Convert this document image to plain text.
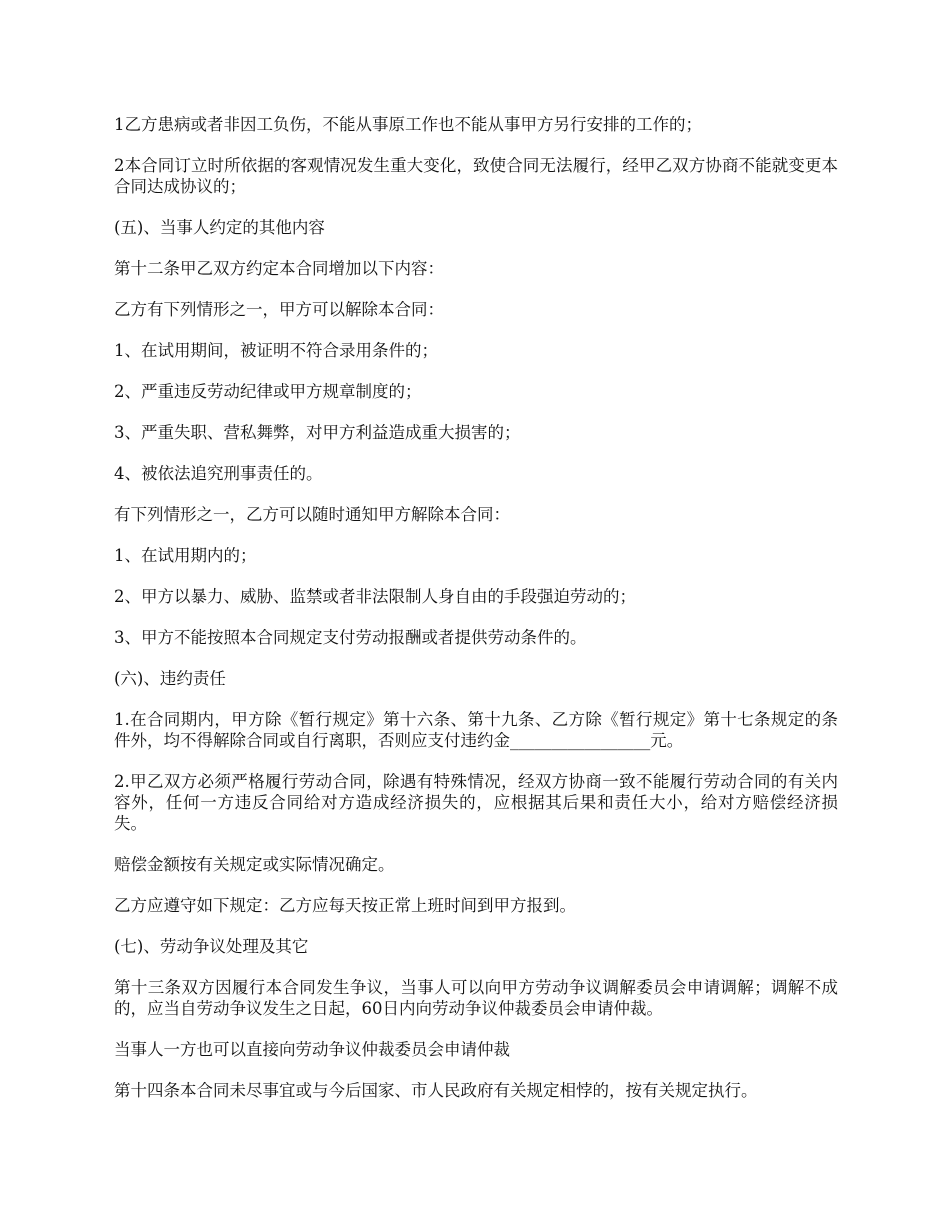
1乙方患病或者非因工负伤，不能从事原工作也不能从事甲方另行安排的工作的；

2本合同订立时所依据的客观情况发生重大变化，致使合同无法履行，经甲乙双方协商不能就变更本合同达成协议的；

(五)、当事人约定的其他内容

第十二条甲乙双方约定本合同增加以下内容：

乙方有下列情形之一，甲方可以解除本合同：

1、在试用期间，被证明不符合录用条件的；

2、严重违反劳动纪律或甲方规章制度的；

3、严重失职、营私舞弊，对甲方利益造成重大损害的；

4、被依法追究刑事责任的。

有下列情形之一，乙方可以随时通知甲方解除本合同：

1、在试用期内的；

2、甲方以暴力、威胁、监禁或者非法限制人身自由的手段强迫劳动的；

3、甲方不能按照本合同规定支付劳动报酬或者提供劳动条件的。

(六)、违约责任

1.在合同期内，甲方除《暂行规定》第十六条、第十九条、乙方除《暂行规定》第十七条规定的条件外，均不得解除合同或自行离职，否则应支付违约金_________________元。

2.甲乙双方必须严格履行劳动合同，除遇有特殊情况，经双方协商一致不能履行劳动合同的有关内容外，任何一方违反合同给对方造成经济损失的，应根据其后果和责任大小，给对方赔偿经济损失。

赔偿金额按有关规定或实际情况确定。

乙方应遵守如下规定：乙方应每天按正常上班时间到甲方报到。

(七)、劳动争议处理及其它

第十三条双方因履行本合同发生争议，当事人可以向甲方劳动争议调解委员会申请调解；调解不成的，应当自劳动争议发生之日起，60日内向劳动争议仲裁委员会申请仲裁。

当事人一方也可以直接向劳动争议仲裁委员会申请仲裁

第十四条本合同未尽事宜或与今后国家、市人民政府有关规定相悖的，按有关规定执行。
